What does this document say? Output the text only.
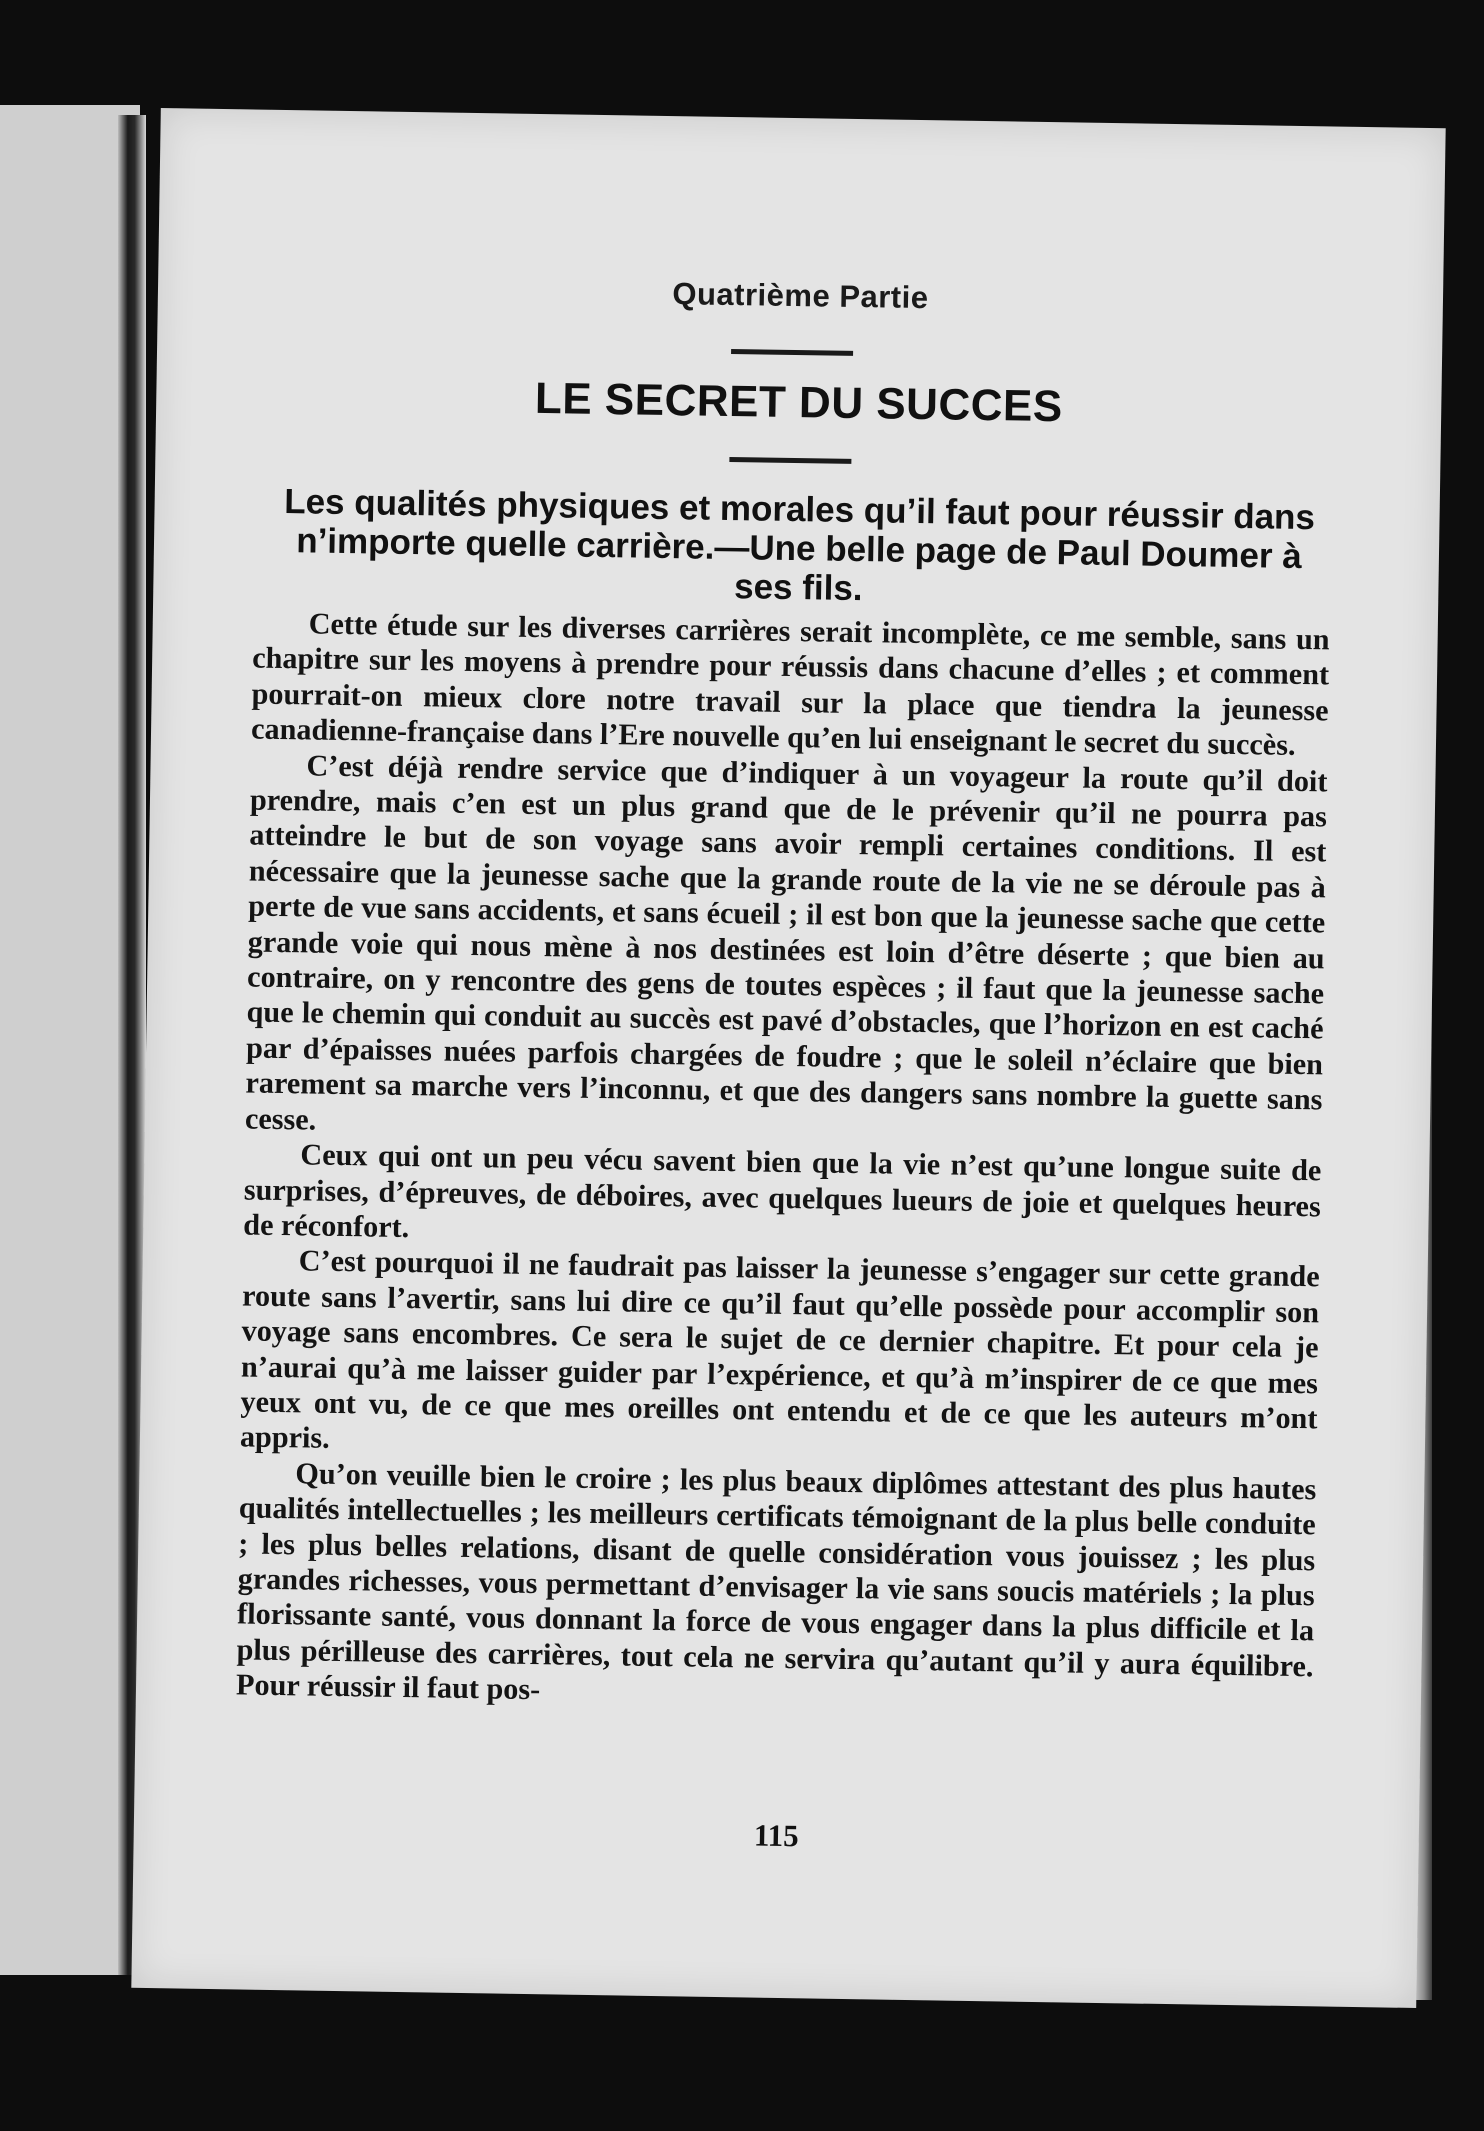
Quatrième Partie
LE SECRET DU SUCCES
Les qualités physiques et morales qu’il faut pour réussir dans n’importe quelle carrière.—Une belle page de Paul Doumer à ses fils.

Cette étude sur les diverses carrières serait incomplète, ce me semble, sans un chapitre sur les moyens à prendre pour réussis dans chacune d’elles ; et comment pourrait-on mieux clore notre travail sur la place que tiendra la jeunesse canadienne-française dans l’Ere nouvelle qu’en lui enseignant le secret du succès.

C’est déjà rendre service que d’indiquer à un voyageur la route qu’il doit prendre, mais c’en est un plus grand que de le prévenir qu’il ne pourra pas atteindre le but de son voyage sans avoir rempli certaines conditions. Il est nécessaire que la jeunesse sache que la grande route de la vie ne se déroule pas à perte de vue sans accidents, et sans écueil ; il est bon que la jeunesse sache que cette grande voie qui nous mène à nos destinées est loin d’être déserte ; que bien au contraire, on y rencontre des gens de toutes espèces ; il faut que la jeunesse sache que le chemin qui conduit au succès est pavé d’obstacles, que l’horizon en est caché par d’épaisses nuées parfois chargées de foudre ; que le soleil n’éclaire que bien rarement sa marche vers l’inconnu, et que des dangers sans nombre la guette sans cesse.

Ceux qui ont un peu vécu savent bien que la vie n’est qu’une longue suite de surprises, d’épreuves, de déboires, avec quelques lueurs de joie et quelques heures de réconfort.

C’est pourquoi il ne faudrait pas laisser la jeunesse s’engager sur cette grande route sans l’avertir, sans lui dire ce qu’il faut qu’elle possède pour accomplir son voyage sans encombres. Ce sera le sujet de ce dernier chapitre. Et pour cela je n’aurai qu’à me laisser guider par l’expérience, et qu’à m’inspirer de ce que mes yeux ont vu, de ce que mes oreilles ont entendu et de ce que les auteurs m’ont appris.

Qu’on veuille bien le croire ; les plus beaux diplômes attestant des plus hautes qualités intellectuelles ; les meilleurs certificats témoignant de la plus belle conduite ; les plus belles relations, disant de quelle considération vous jouissez ; les plus grandes richesses, vous permettant d’envisager la vie sans soucis matériels ; la plus florissante santé, vous donnant la force de vous engager dans la plus difficile et la plus périlleuse des carrières, tout cela ne servira qu’autant qu’il y aura équilibre. Pour réussir il faut pos-

115
